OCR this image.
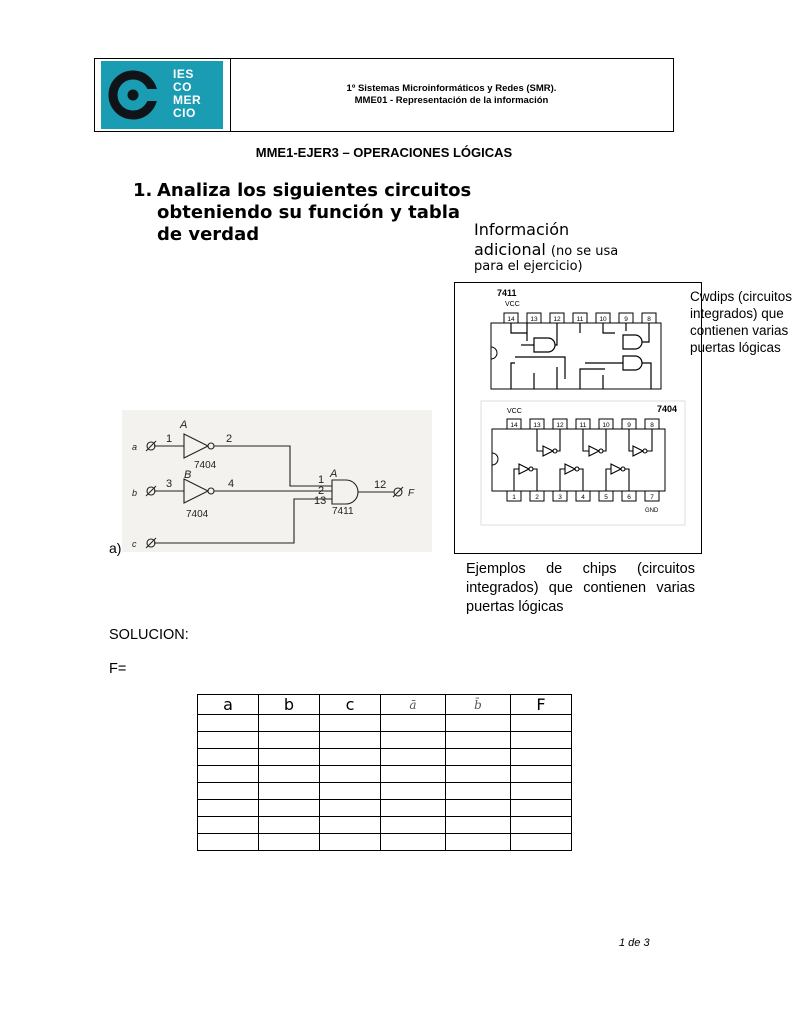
IES
CO
MER
CIO
1º Sistemas Microinformáticos y Redes (SMR).
MME01 - Representación de la información
MME1-EJER3 – OPERACIONES LÓGICAS
1. Analiza los siguientes circuitos obteniendo su función y tabla de verdad	Información
adicional (no se usa
para el ejercicio)
7411
VCC
14 13 12 11 10	9	8
VCC	7404
14 13 12 11 10	9	8
1	2	3	4	5	6	7
GND
Cwdips (circuitos
integrados) que
contienen varias
puertas lógicas
Ejemplos de chips (circuitos integrados) que contienen varias puertas lógicas
a
b
c
A
B
1	2
3	4
7404
7404
A
1
2
13
12
7411
F
a)
SOLUCION:
F=
a	b	c	ā	b̄	F

1 de 3
